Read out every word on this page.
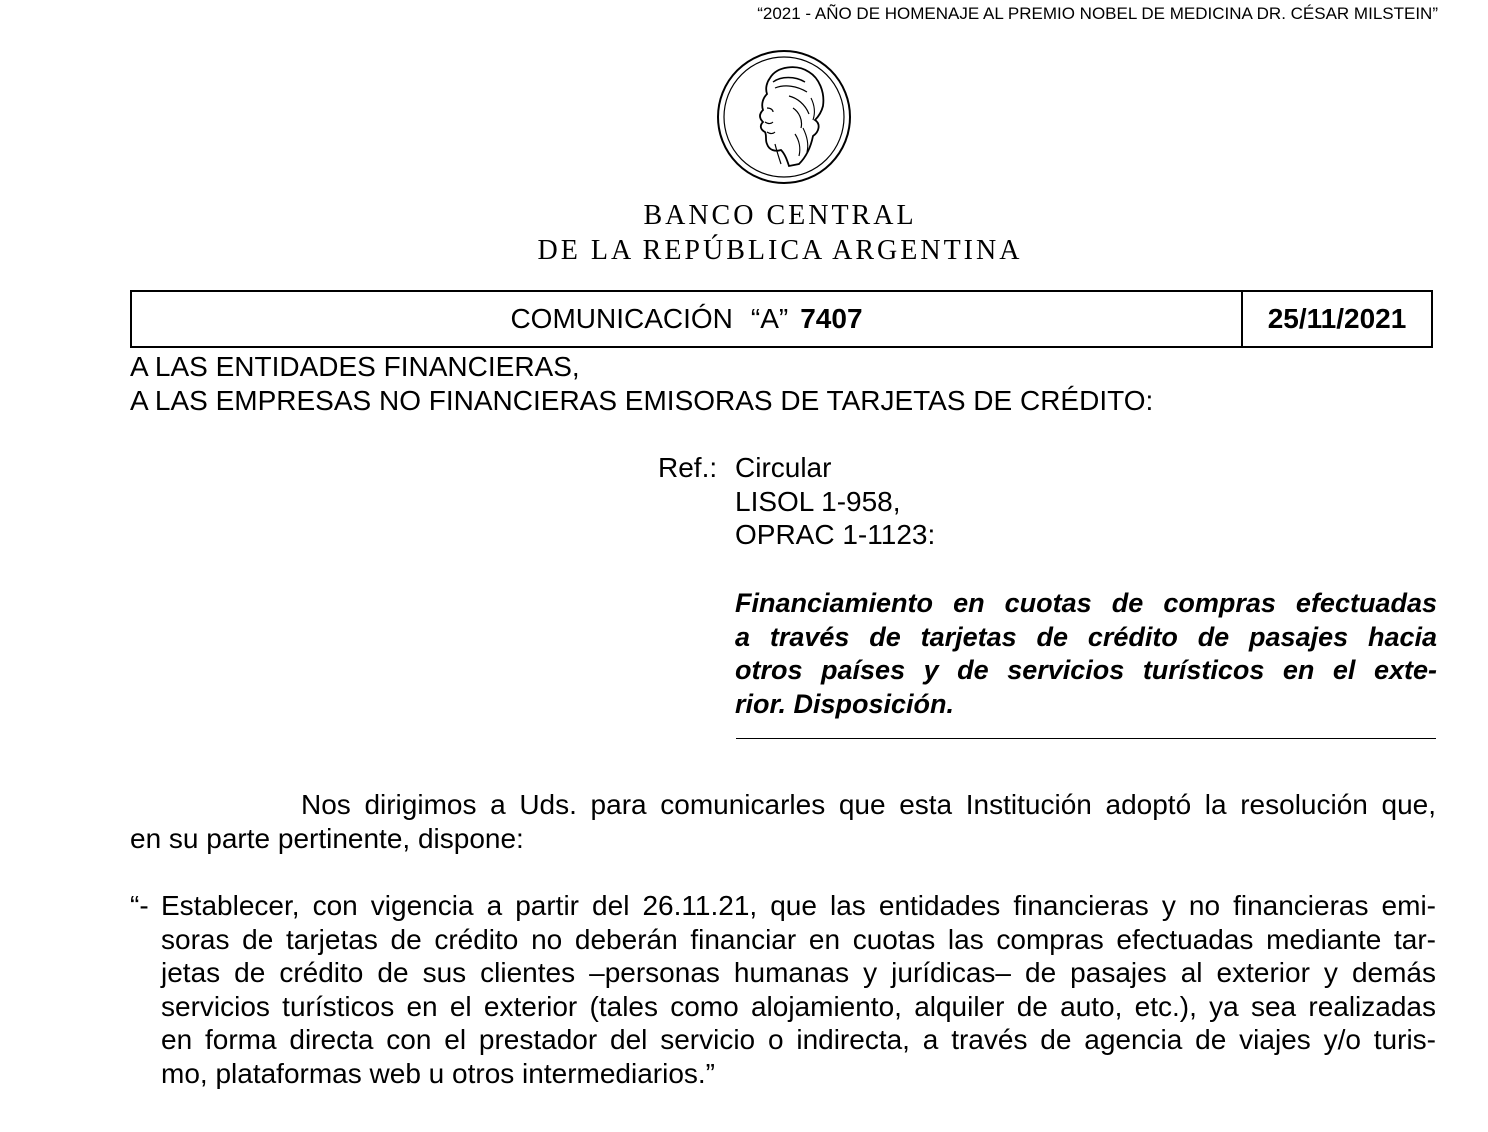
“2021 - AÑO DE HOMENAJE AL PREMIO NOBEL DE MEDICINA DR. CÉSAR MILSTEIN”
BANCO CENTRAL
DE LA REPÚBLICA ARGENTINA
COMUNICACIÓN “A” 7407	25/11/2021
A LAS ENTIDADES FINANCIERAS,
A LAS EMPRESAS NO FINANCIERAS EMISORAS DE TARJETAS DE CRÉDITO:
Ref.: Circular
LISOL 1-958,
OPRAC 1-1123:
Financiamiento en cuotas de compras efectuadas
a través de tarjetas de crédito de pasajes hacia
otros países y de servicios turísticos en el exte-
rior. Disposición.
Nos dirigimos a Uds. para comunicarles que esta Institución adoptó la resolución que,
en su parte pertinente, dispone:
“- Establecer, con vigencia a partir del 26.11.21, que las entidades financieras y no financieras emi-
soras de tarjetas de crédito no deberán financiar en cuotas las compras efectuadas mediante tar-
jetas de crédito de sus clientes –personas humanas y jurídicas– de pasajes al exterior y demás
servicios turísticos en el exterior (tales como alojamiento, alquiler de auto, etc.), ya sea realizadas
en forma directa con el prestador del servicio o indirecta, a través de agencia de viajes y/o turis-
mo, plataformas web u otros intermediarios.”
